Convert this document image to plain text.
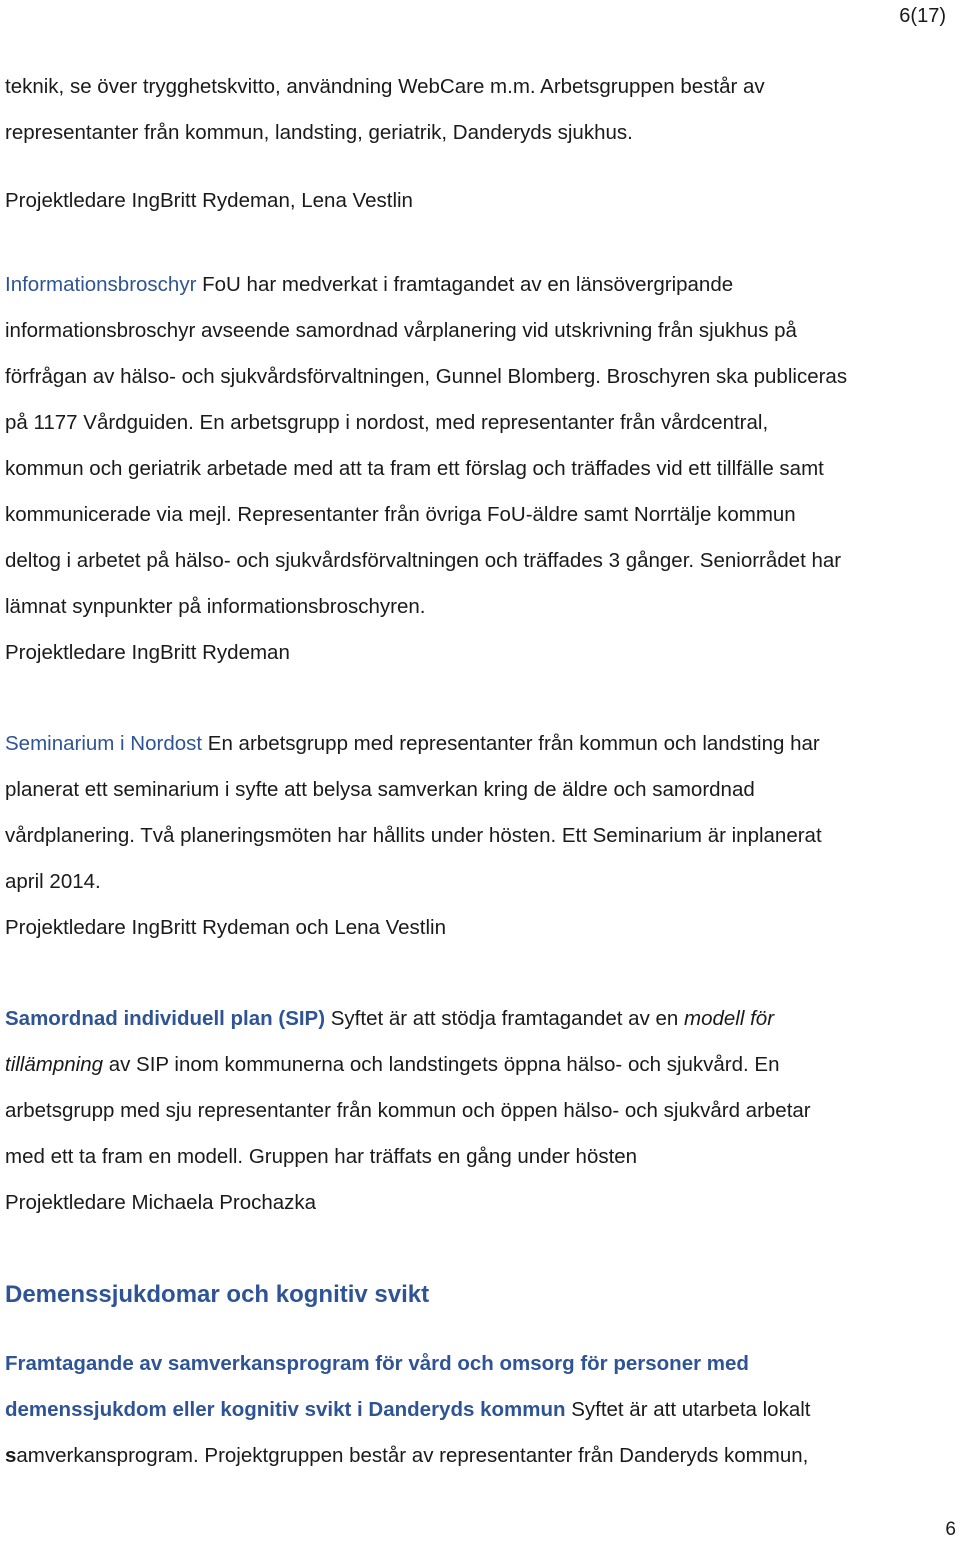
6(17)

teknik, se över trygghetskvitto, användning WebCare m.m. Arbetsgruppen består av

representanter från kommun, landsting, geriatrik, Danderyds sjukhus.

Projektledare IngBritt Rydeman, Lena Vestlin

Informationsbroschyr FoU har medverkat i framtagandet av en länsövergripande

informationsbroschyr avseende samordnad vårplanering vid utskrivning från sjukhus på

förfrågan av hälso- och sjukvårdsförvaltningen, Gunnel Blomberg. Broschyren ska publiceras

på 1177 Vårdguiden. En arbetsgrupp i nordost, med representanter från vårdcentral,

kommun och geriatrik arbetade med att ta fram ett förslag och träffades vid ett tillfälle samt

kommunicerade via mejl. Representanter från övriga FoU-äldre samt Norrtälje kommun

deltog i arbetet på hälso- och sjukvårdsförvaltningen och träffades 3 gånger. Seniorrådet har

lämnat synpunkter på informationsbroschyren.

Projektledare IngBritt Rydeman

Seminarium i Nordost En arbetsgrupp med representanter från kommun och landsting har

planerat ett seminarium i syfte att belysa samverkan kring de äldre och samordnad

vårdplanering. Två planeringsmöten har hållits under hösten. Ett Seminarium är inplanerat

april 2014.

Projektledare IngBritt Rydeman och Lena Vestlin

Samordnad individuell plan (SIP) Syftet är att stödja framtagandet av en modell för

tillämpning av SIP inom kommunerna och landstingets öppna hälso- och sjukvård. En

arbetsgrupp med sju representanter från kommun och öppen hälso- och sjukvård arbetar

med ett ta fram en modell. Gruppen har träffats en gång under hösten

Projektledare Michaela Prochazka

Demenssjukdomar och kognitiv svikt

Framtagande av samverkansprogram för vård och omsorg för personer med

demenssjukdom eller kognitiv svikt i Danderyds kommun Syftet är att utarbeta lokalt

samverkansprogram. Projektgruppen består av representanter från Danderyds kommun,

6
